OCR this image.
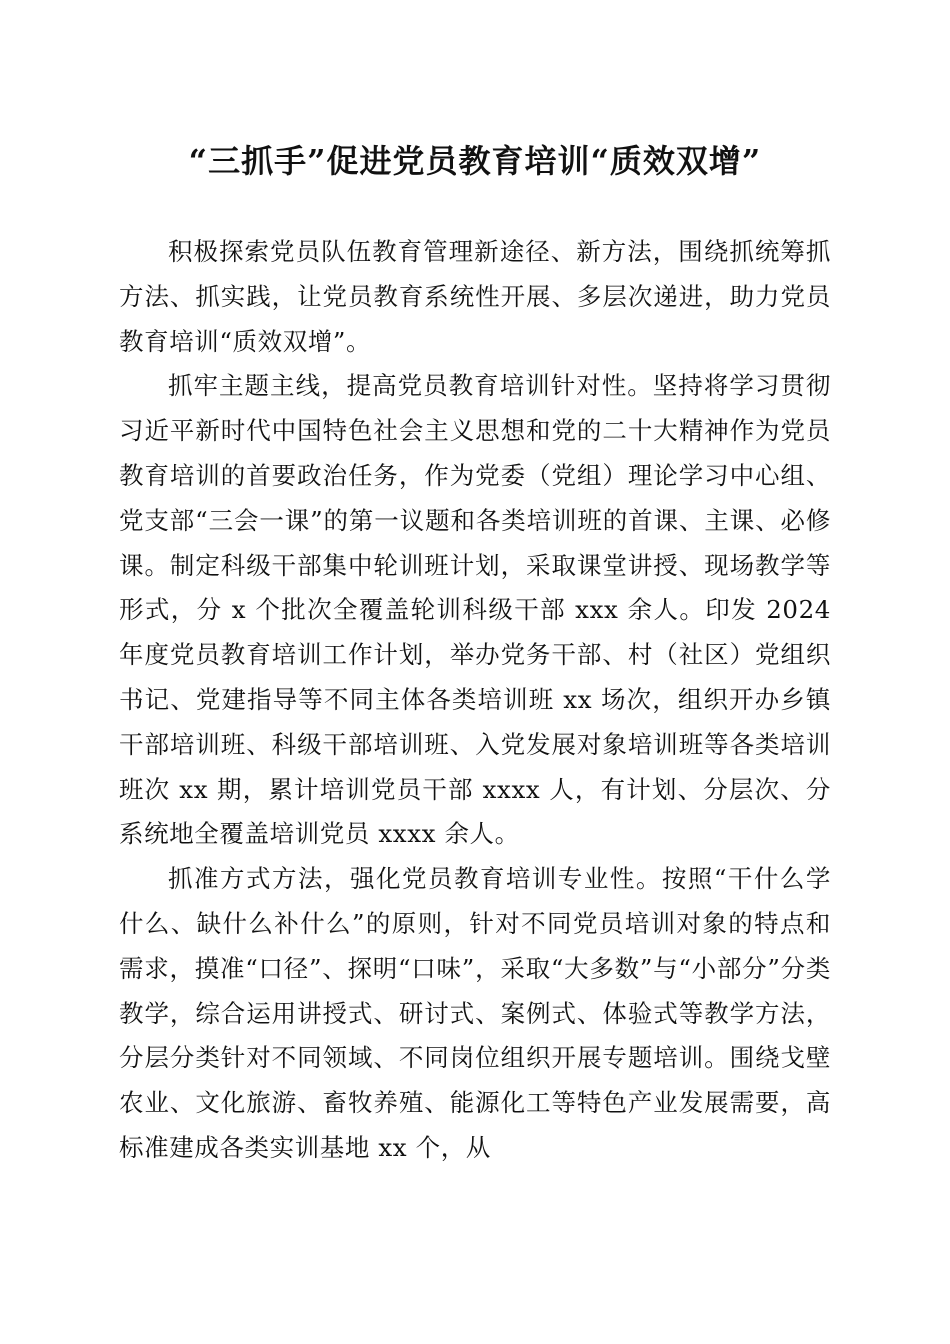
“三抓手”促进党员教育培训“质效双增”

积极探索党员队伍教育管理新途径、新方法，围绕抓统筹抓方法、抓实践，让党员教育系统性开展、多层次递进，助力党员教育培训“质效双增”。

抓牢主题主线，提高党员教育培训针对性。坚持将学习贯彻习近平新时代中国特色社会主义思想和党的二十大精神作为党员教育培训的首要政治任务，作为党委（党组）理论学习中心组、党支部“三会一课”的第一议题和各类培训班的首课、主课、必修课。制定科级干部集中轮训班计划，采取课堂讲授、现场教学等形式，分 x 个批次全覆盖轮训科级干部 xxx 余人。印发 2024 年度党员教育培训工作计划，举办党务干部、村（社区）党组织书记、党建指导等不同主体各类培训班 xx 场次，组织开办乡镇干部培训班、科级干部培训班、入党发展对象培训班等各类培训班次 xx 期，累计培训党员干部 xxxx 人，有计划、分层次、分系统地全覆盖培训党员 xxxx 余人。

抓准方式方法，强化党员教育培训专业性。按照“干什么学什么、缺什么补什么”的原则，针对不同党员培训对象的特点和需求，摸准“口径”、探明“口味”，采取“大多数”与“小部分”分类教学，综合运用讲授式、研讨式、案例式、体验式等教学方法，分层分类针对不同领域、不同岗位组织开展专题培训。围绕戈壁农业、文化旅游、畜牧养殖、能源化工等特色产业发展需要，高标准建成各类实训基地 xx 个，从
